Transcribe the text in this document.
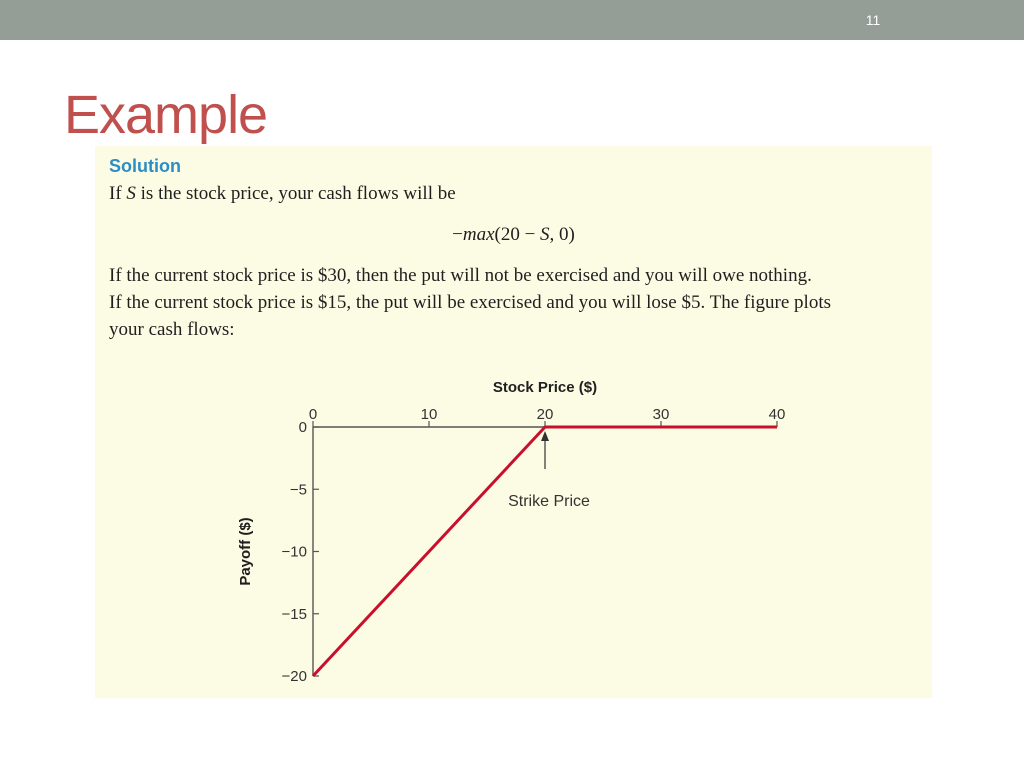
11
Example
Solution
If S is the stock price, your cash flows will be
−max(20 − S, 0)
If the current stock price is $30, then the put will not be exercised and you will owe nothing.
If the current stock price is $15, the put will be exercised and you will lose $5. The figure plots
your cash flows:
Stock Price ($)
Payoff ($)
0	10	20	30	40
0
−5
−10
−15
−20
Strike Price
